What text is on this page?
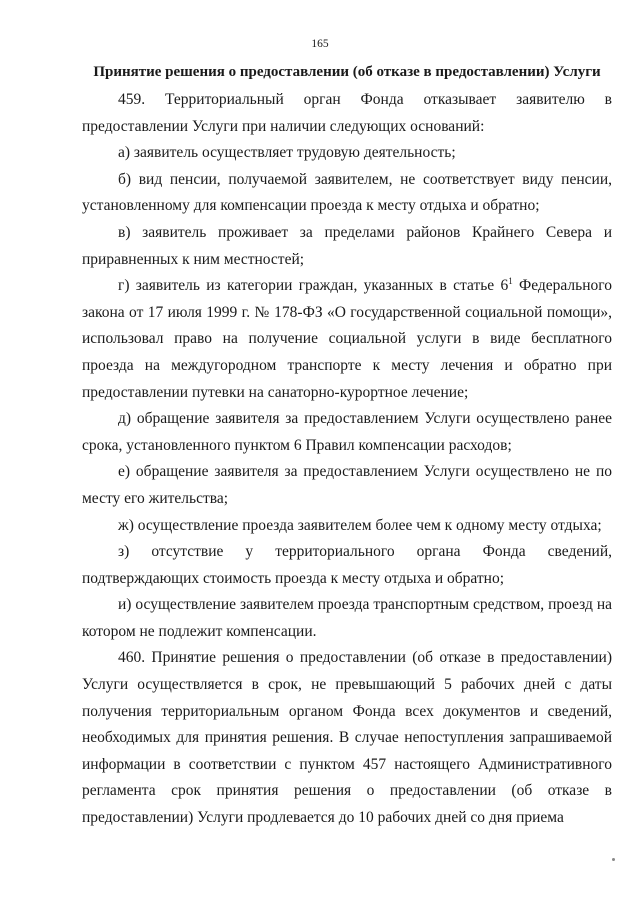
165
Принятие решения о предоставлении (об отказе в предоставлении) Услуги

459. Территориальный орган Фонда отказывает заявителю в предоставлении Услуги при наличии следующих оснований:

а) заявитель осуществляет трудовую деятельность;

б) вид пенсии, получаемой заявителем, не соответствует виду пенсии, установленному для компенсации проезда к месту отдыха и обратно;

в) заявитель проживает за пределами районов Крайнего Севера и приравненных к ним местностей;

г) заявитель из категории граждан, указанных в статье $6^1$ Федерального закона от 17 июля 1999 г. № 178-ФЗ «О государственной социальной помощи», использовал право на получение социальной услуги в виде бесплатного проезда на междугородном транспорте к месту лечения и обратно при предоставлении путевки на санаторно-курортное лечение;

д) обращение заявителя за предоставлением Услуги осуществлено ранее срока, установленного пунктом 6 Правил компенсации расходов;

е) обращение заявителя за предоставлением Услуги осуществлено не по месту его жительства;

ж) осуществление проезда заявителем более чем к одному месту отдыха;

з) отсутствие у территориального органа Фонда сведений, подтверждающих стоимость проезда к месту отдыха и обратно;

и) осуществление заявителем проезда транспортным средством, проезд на котором не подлежит компенсации.

460. Принятие решения о предоставлении (об отказе в предоставлении) Услуги осуществляется в срок, не превышающий 5 рабочих дней с даты получения территориальным органом Фонда всех документов и сведений, необходимых для принятия решения. В случае непоступления запрашиваемой информации в соответствии с пунктом 457 настоящего Административного регламента срок принятия решения о предоставлении (об отказе в предоставлении) Услуги продлевается до 10 рабочих дней со дня приема
